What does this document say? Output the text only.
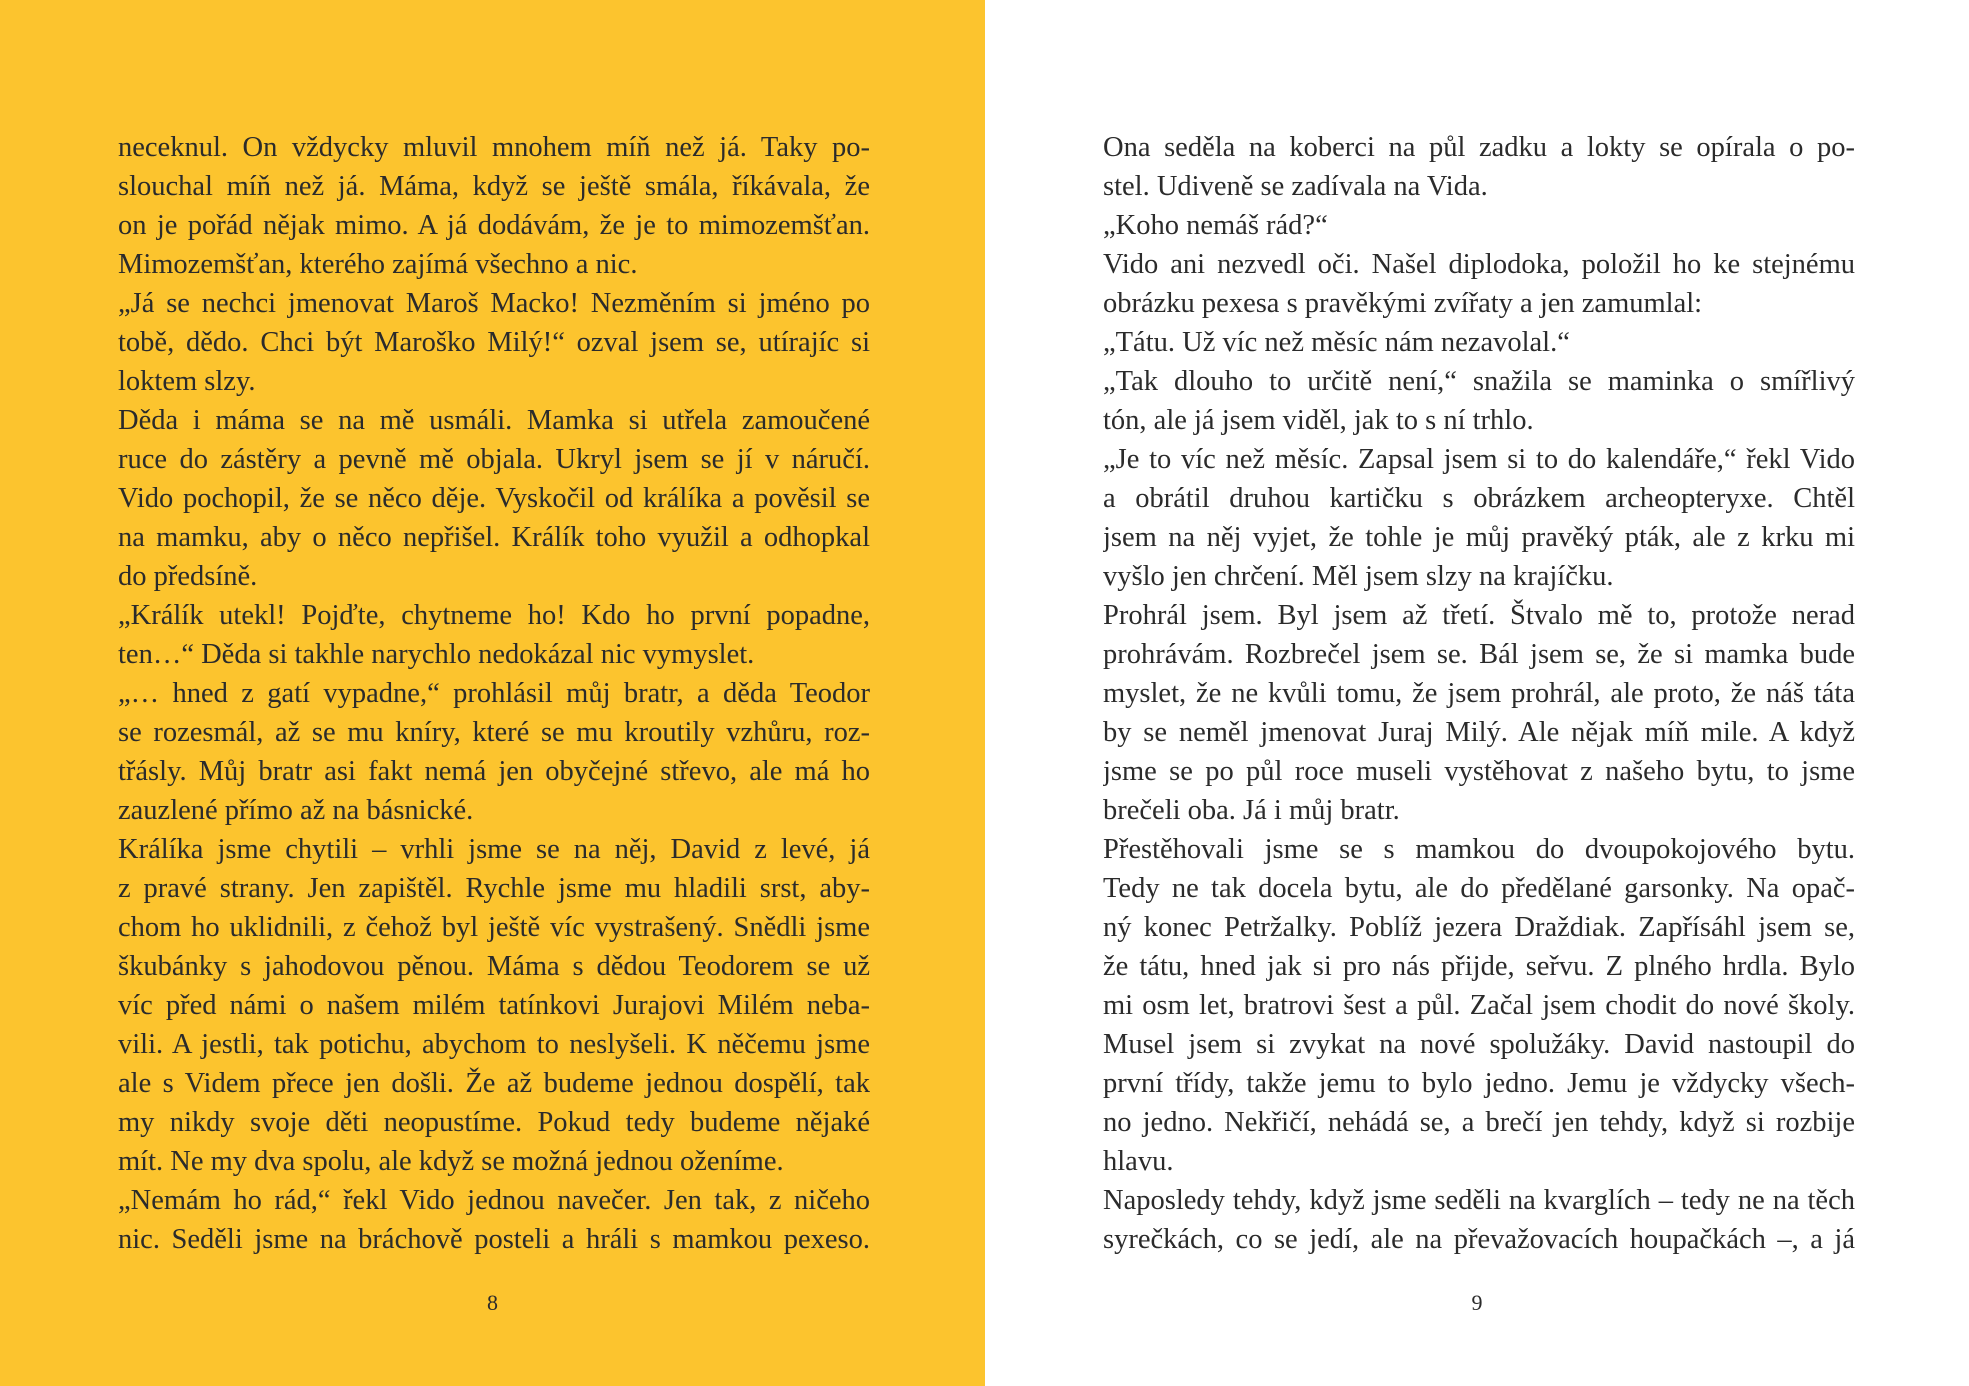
neceknul. On vždycky mluvil mnohem míň než já. Taky po-
slouchal míň než já. Máma, když se ještě smála, říkávala, že
on je pořád nějak mimo. A já dodávám, že je to mimozemšťan.
Mimozemšťan, kterého zajímá všechno a nic.
„Já se nechci jmenovat Maroš Macko! Nezměním si jméno po
tobě, dědo. Chci být Maroško Milý!“ ozval jsem se, utírajíc si
loktem slzy.
Děda i máma se na mě usmáli. Mamka si utřela zamoučené
ruce do zástěry a pevně mě objala. Ukryl jsem se jí v náručí.
Vido pochopil, že se něco děje. Vyskočil od králíka a pověsil se
na mamku, aby o něco nepřišel. Králík toho využil a odhopkal
do předsíně.
„Králík utekl! Pojďte, chytneme ho! Kdo ho první popadne,
ten…“ Děda si takhle narychlo nedokázal nic vymyslet.
„… hned z gatí vypadne,“ prohlásil můj bratr, a děda Teodor
se rozesmál, až se mu kníry, které se mu kroutily vzhůru, roz-
třásly. Můj bratr asi fakt nemá jen obyčejné střevo, ale má ho
zauzlené přímo až na básnické.
Králíka jsme chytili – vrhli jsme se na něj, David z levé, já
z pravé strany. Jen zapištěl. Rychle jsme mu hladili srst, aby-
chom ho uklidnili, z čehož byl ještě víc vystrašený. Snědli jsme
škubánky s jahodovou pěnou. Máma s dědou Teodorem se už
víc před námi o našem milém tatínkovi Jurajovi Milém neba-
vili. A jestli, tak potichu, abychom to neslyšeli. K něčemu jsme
ale s Videm přece jen došli. Že až budeme jednou dospělí, tak
my nikdy svoje děti neopustíme. Pokud tedy budeme nějaké
mít. Ne my dva spolu, ale když se možná jednou oženíme.
„Nemám ho rád,“ řekl Vido jednou navečer. Jen tak, z ničeho
nic. Seděli jsme na bráchově posteli a hráli s mamkou pexeso.
8
Ona seděla na koberci na půl zadku a lokty se opírala o po-
stel. Udiveně se zadívala na Vida.
„Koho nemáš rád?“
Vido ani nezvedl oči. Našel diplodoka, položil ho ke stejnému
obrázku pexesa s pravěkými zvířaty a jen zamumlal:
„Tátu. Už víc než měsíc nám nezavolal.“
„Tak dlouho to určitě není,“ snažila se maminka o smířlivý
tón, ale já jsem viděl, jak to s ní trhlo.
„Je to víc než měsíc. Zapsal jsem si to do kalendáře,“ řekl Vido
a obrátil druhou kartičku s obrázkem archeopteryxe. Chtěl
jsem na něj vyjet, že tohle je můj pravěký pták, ale z krku mi
vyšlo jen chrčení. Měl jsem slzy na krajíčku.
Prohrál jsem. Byl jsem až třetí. Štvalo mě to, protože nerad
prohrávám. Rozbrečel jsem se. Bál jsem se, že si mamka bude
myslet, že ne kvůli tomu, že jsem prohrál, ale proto, že náš táta
by se neměl jmenovat Juraj Milý. Ale nějak míň mile. A když
jsme se po půl roce museli vystěhovat z našeho bytu, to jsme
brečeli oba. Já i můj bratr.
Přestěhovali jsme se s mamkou do dvoupokojového bytu.
Tedy ne tak docela bytu, ale do předělané garsonky. Na opač-
ný konec Petržalky. Poblíž jezera Draždiak. Zapřísáhl jsem se,
že tátu, hned jak si pro nás přijde, seřvu. Z plného hrdla. Bylo
mi osm let, bratrovi šest a půl. Začal jsem chodit do nové školy.
Musel jsem si zvykat na nové spolužáky. David nastoupil do
první třídy, takže jemu to bylo jedno. Jemu je vždycky všech-
no jedno. Nekřičí, nehádá se, a brečí jen tehdy, když si rozbije
hlavu.
Naposledy tehdy, když jsme seděli na kvarglích – tedy ne na těch
syrečkách, co se jedí, ale na převažovacích houpačkách –, a já
9
